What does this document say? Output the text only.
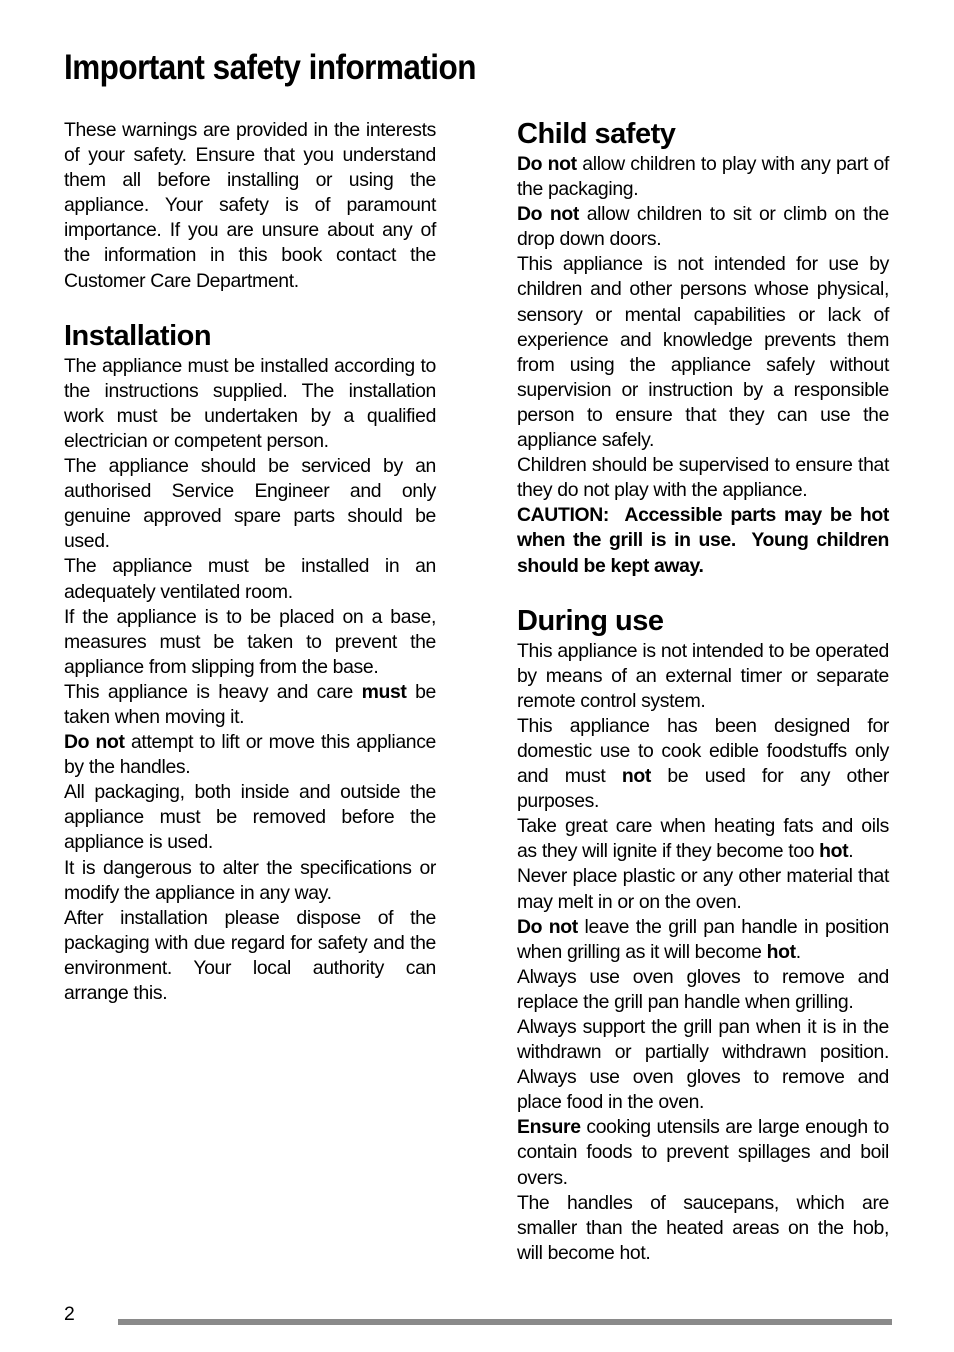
Important safety information

These warnings are provided in the interests of your safety. Ensure that you understand them all before installing or using the appliance. Your safety is of paramount importance. If you are unsure about any of the information in this book contact the Customer Care Department.

Installation

The appliance must be installed according to the instructions supplied. The installation work must be undertaken by a qualified electrician or competent person.

The appliance should be serviced by an authorised Service Engineer and only genuine approved spare parts should be used.

The appliance must be installed in an adequately ventilated room.

If the appliance is to be placed on a base, measures must be taken to prevent the appliance from slipping from the base.

This appliance is heavy and care must be taken when moving it.

Do not attempt to lift or move this appliance by the handles.

All packaging, both inside and outside the appliance must be removed before the appliance is used.

It is dangerous to alter the specifications or modify the appliance in any way.

After installation please dispose of the packaging with due regard for safety and the environment. Your local authority can arrange this.

Child safety

Do not allow children to play with any part of the packaging.

Do not allow children to sit or climb on the drop down doors.

This appliance is not intended for use by children and other persons whose physical, sensory or mental capabilities or lack of experience and knowledge prevents them from using the appliance safely without supervision or instruction by a responsible person to ensure that they can use the appliance safely.

Children should be supervised to ensure that they do not play with the appliance.

CAUTION:  Accessible parts may be hot when the grill is in use.  Young children should be kept away.

During use

This appliance is not intended to be operated by means of an external timer or separate remote control system.

This appliance has been designed for domestic use to cook edible foodstuffs only and must not be used for any other purposes.

Take great care when heating fats and oils as they will ignite if they become too hot.

Never place plastic or any other material that may melt in or on the oven.

Do not leave the grill pan handle in position when grilling as it will become hot.

Always use oven gloves to remove and replace the grill pan handle when grilling.

Always support the grill pan when it is in the withdrawn or partially withdrawn position. Always use oven gloves to remove and place food in the oven.

Ensure cooking utensils are large enough to contain foods to prevent spillages and boil overs.

The handles of saucepans, which are smaller than the heated areas on the hob, will become hot.

2
